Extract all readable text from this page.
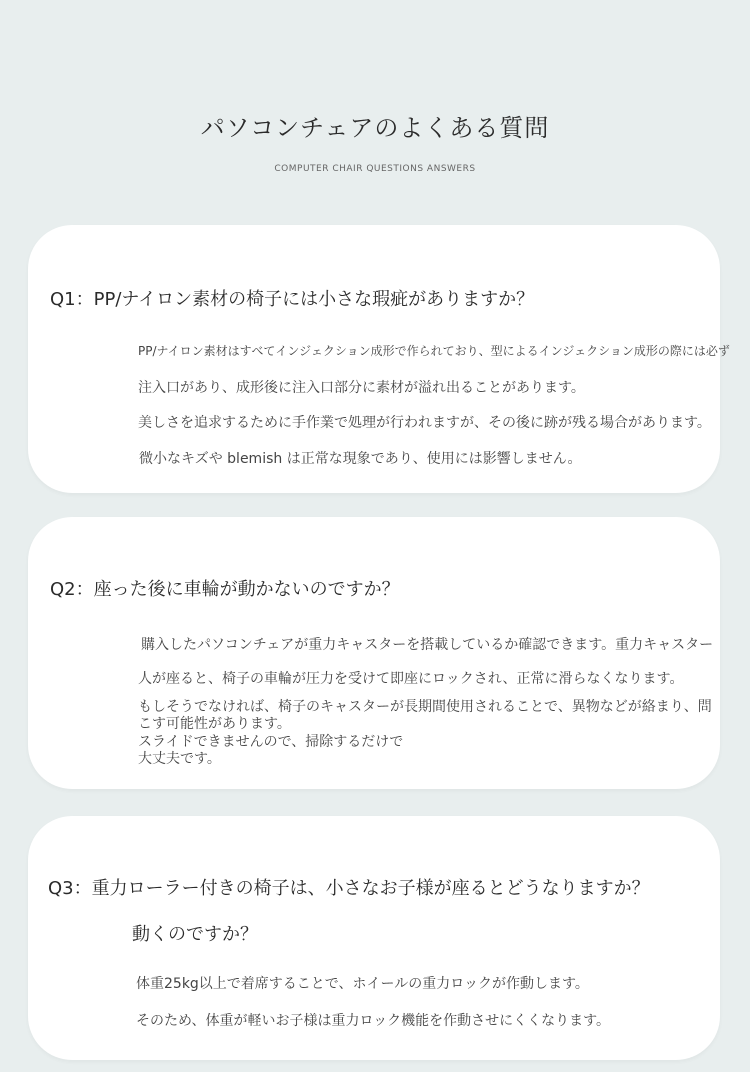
パソコンチェアのよくある質問
COMPUTER CHAIR QUESTIONS ANSWERS
Q1：PP/ナイロン素材の椅子には小さな瑕疵がありますか？
PP/ナイロン素材はすべてインジェクション成形で作られており、型によるインジェクション成形の際には必ず
注入口があり、成形後に注入口部分に素材が溢れ出ることがあります。
美しさを追求するために手作業で処理が行われますが、その後に跡が残る場合があります。
微小なキズや blemish は正常な現象であり、使用には影響しません。
Q2：座った後に車輪が動かないのですか？
購入したパソコンチェアが重力キャスターを搭載しているか確認できます。重力キャスター
人が座ると、椅子の車輪が圧力を受けて即座にロックされ、正常に滑らなくなります。
もしそうでなければ、椅子のキャスターが長期間使用されることで、異物などが絡まり、問
こす可能性があります。
スライドできませんので、掃除するだけで
大丈夫です。
Q3：重力ローラー付きの椅子は、小さなお子様が座るとどうなりますか？
動くのですか？
体重25kg以上で着席することで、ホイールの重力ロックが作動します。
そのため、体重が軽いお子様は重力ロック機能を作動させにくくなります。
